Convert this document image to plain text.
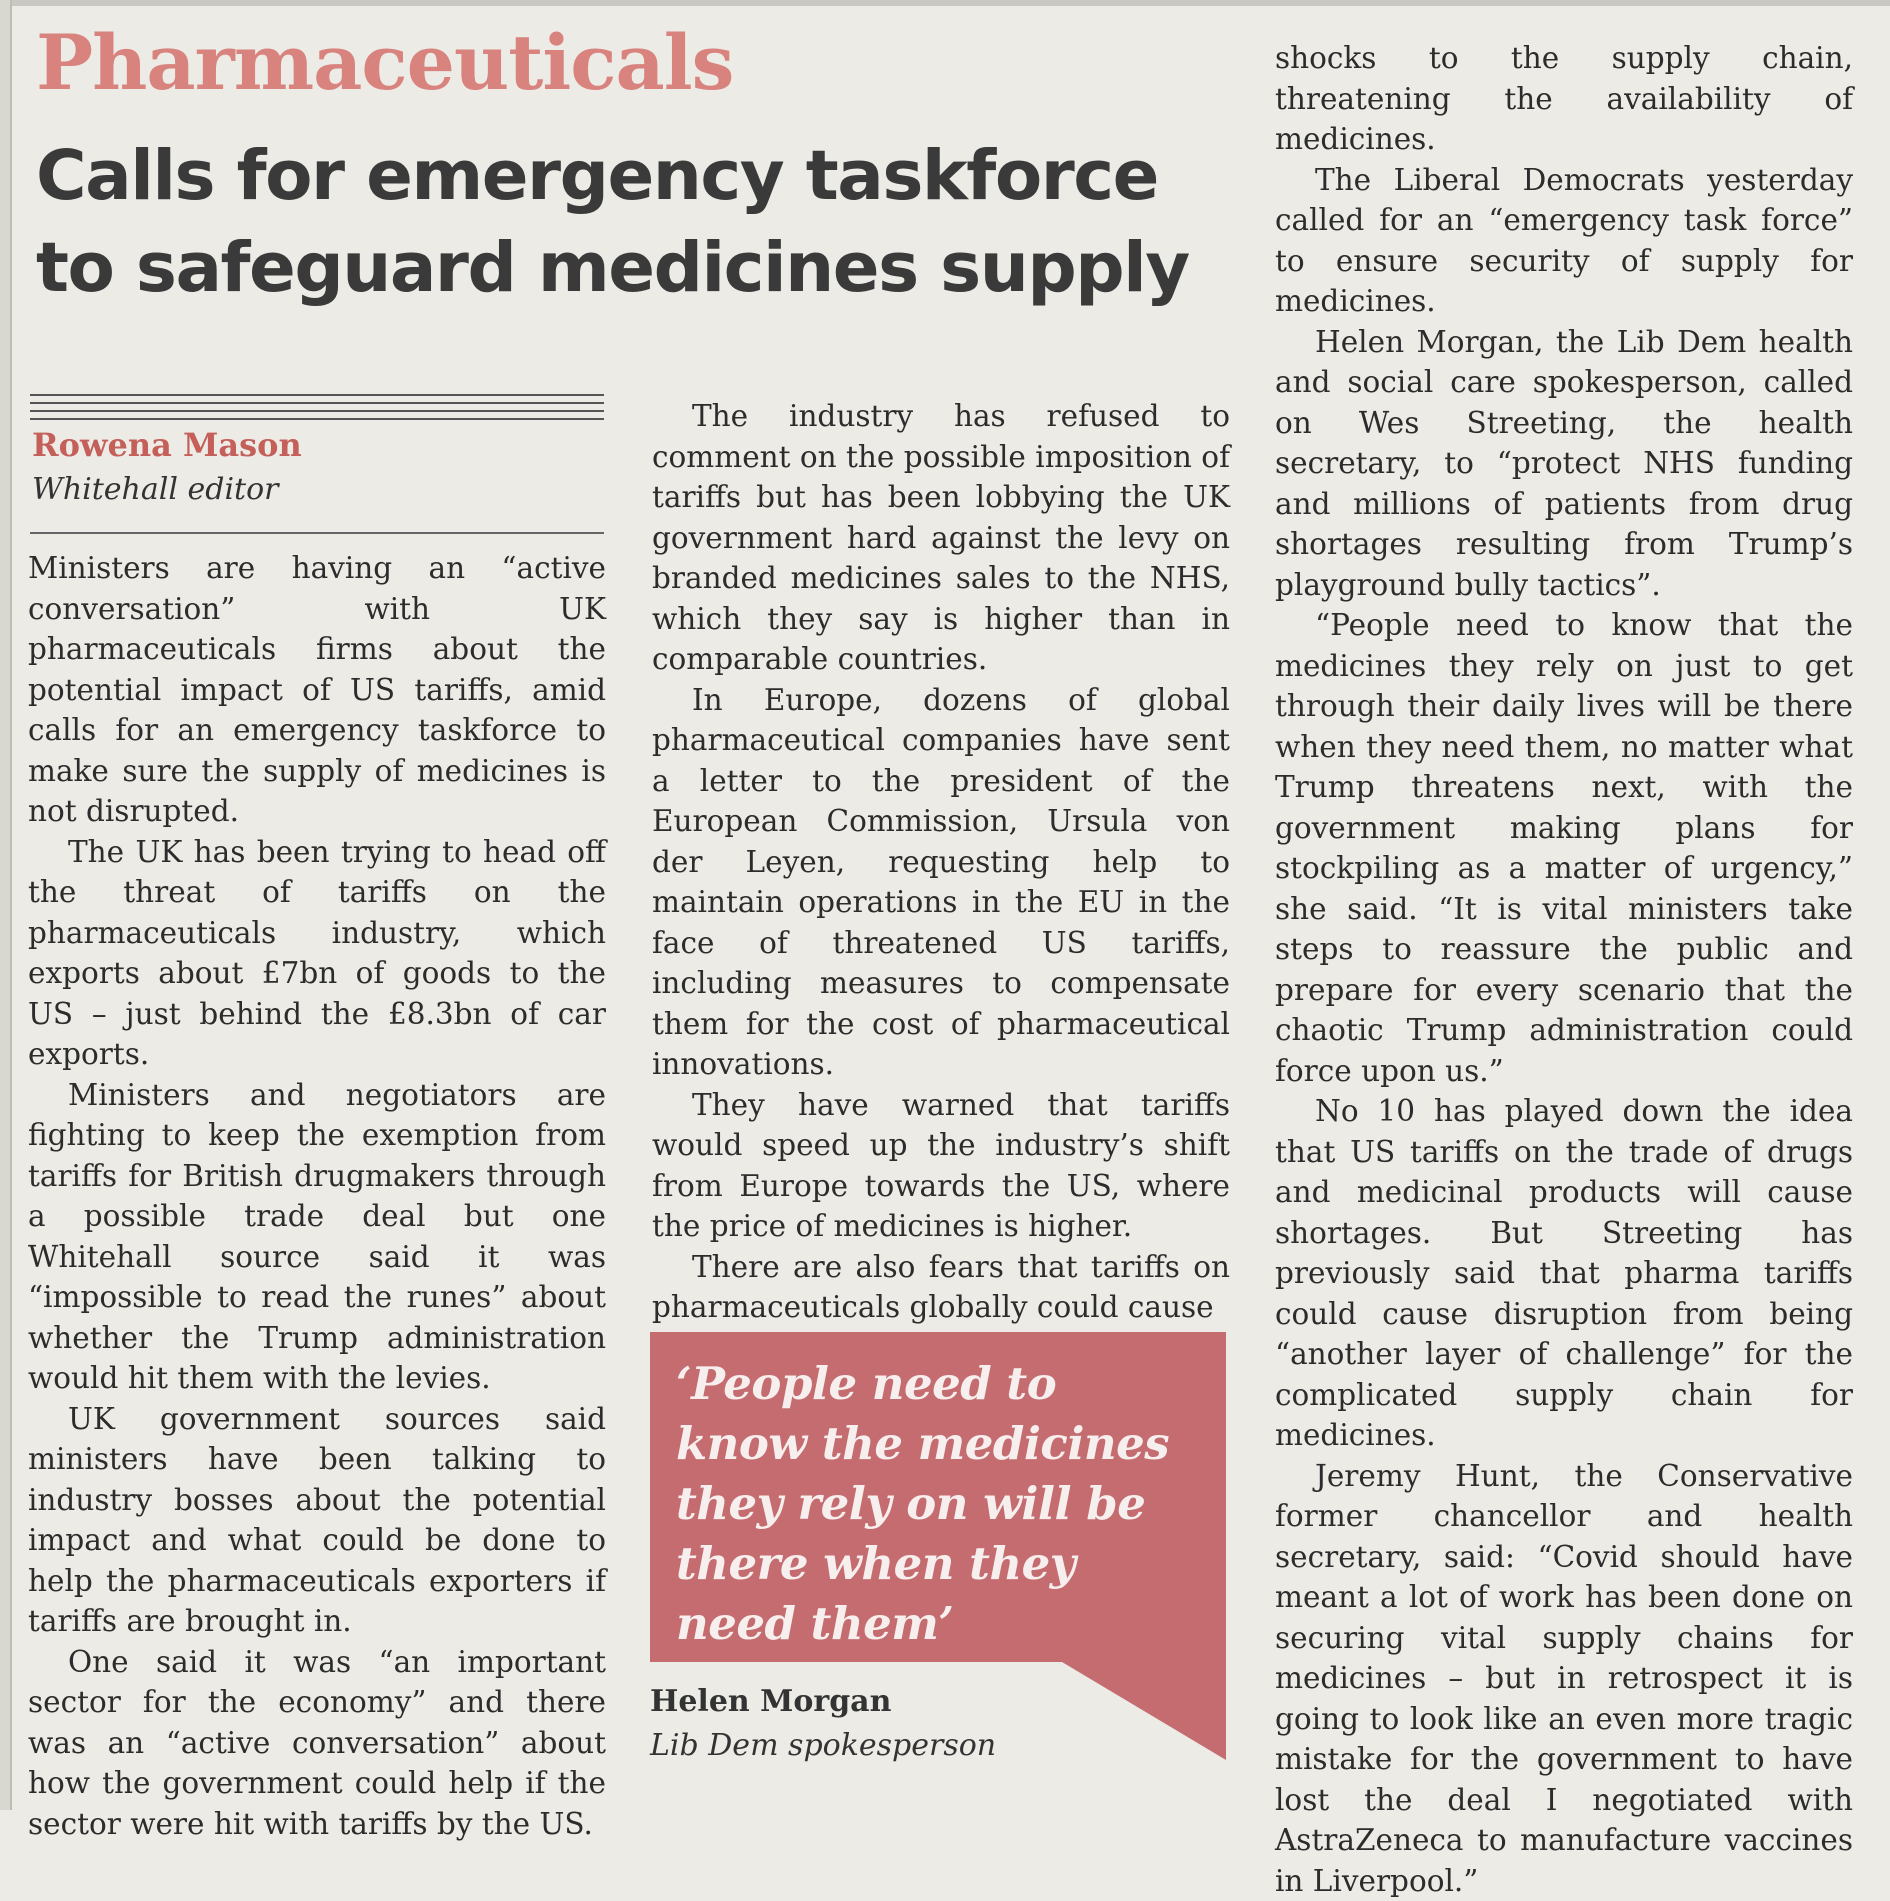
Pharmaceuticals
Calls for emergency taskforce
to safeguard medicines supply
Rowena Mason
Whitehall editor

Ministers are having an “active conversation” with UK pharmaceuticals firms about the potential impact of US tariffs, amid calls for an emergency taskforce to make sure the supply of medicines is not disrupted.

The UK has been trying to head off the threat of tariffs on the pharmaceuticals industry, which exports about £7bn of goods to the US – just behind the £8.3bn of car exports.

Ministers and negotiators are fighting to keep the exemption from tariffs for British drugmakers through a possible trade deal but one Whitehall source said it was “impossible to read the runes” about whether the Trump administration would hit them with the levies.

UK government sources said ministers have been talking to industry bosses about the potential impact and what could be done to help the pharmaceuticals exporters if tariffs are brought in.

One said it was “an important sector for the economy” and there was an “active conversation” about how the government could help if the sector were hit with tariffs by the US.

The industry has refused to comment on the possible imposition of tariffs but has been lobbying the UK government hard against the levy on branded medicines sales to the NHS, which they say is higher than in comparable countries.

In Europe, dozens of global pharmaceutical companies have sent a letter to the president of the European Commission, Ursula von der Leyen, requesting help to maintain operations in the EU in the face of threatened US tariffs, including measures to compensate them for the cost of pharmaceutical innovations.

They have warned that tariffs would speed up the industry’s shift from Europe towards the US, where the price of medicines is higher.

There are also fears that tariffs on pharmaceuticals globally could cause

shocks to the supply chain, threatening the availability of medicines.

The Liberal Democrats yesterday called for an “emergency task force” to ensure security of supply for medicines.

Helen Morgan, the Lib Dem health and social care spokesperson, called on Wes Streeting, the health secretary, to “protect NHS funding and millions of patients from drug shortages resulting from Trump’s playground bully tactics”.

“People need to know that the medicines they rely on just to get through their daily lives will be there when they need them, no matter what Trump threatens next, with the government making plans for stockpiling as a matter of urgency,” she said. “It is vital ministers take steps to reassure the public and prepare for every scenario that the chaotic Trump administration could force upon us.”

No 10 has played down the idea that US tariffs on the trade of drugs and medicinal products will cause shortages. But Streeting has previously said that pharma tariffs could cause disruption from being “another layer of challenge” for the complicated supply chain for medicines.

Jeremy Hunt, the Conservative former chancellor and health secretary, said: “Covid should have meant a lot of work has been done on securing vital supply chains for medicines – but in retrospect it is going to look like an even more tragic mistake for the government to have lost the deal I negotiated with AstraZeneca to manufacture vaccines in Liverpool.”

‘People need to know the medicines they rely on will be there when they need them’
Helen Morgan
Lib Dem spokesperson
